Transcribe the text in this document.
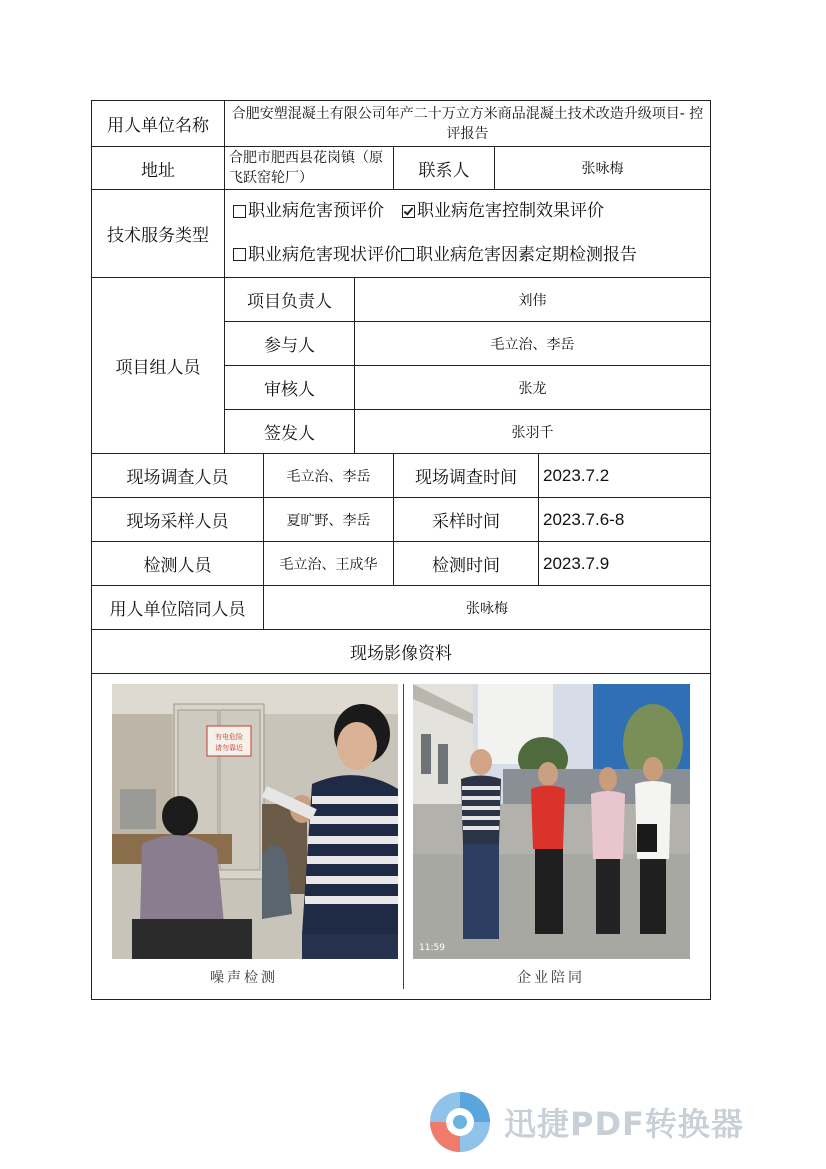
用人单位名称	合肥安塑混凝土有限公司年产二十万立方米商品混凝土技术改造升级项目- 控评报告					
地址	合肥市肥西县花岗镇（原飞跃窑轮厂）			联系人	张咏梅	
技术服务类型	职业病危害预评价 职业病危害控制效果评价
职业病危害现状评价 职业病危害因素定期检测报告					

项目组人员	项目负责人		刘伟			
	参与人		毛立治、李岳			
	审核人		张龙			
	签发人		张羽千			
现场调查人员		毛立治、李岳		现场调查时间		2023.7.2
现场采样人员		夏旷野、李岳		采样时间		2023.7.6-8
检测人员		毛立治、王成华		检测时间		2023.7.9
用人单位陪同人员		张咏梅				
现场影像资料						

有电危险
请勿靠近
噪声检测
11:59
企业陪同						
迅捷PDF转换器
